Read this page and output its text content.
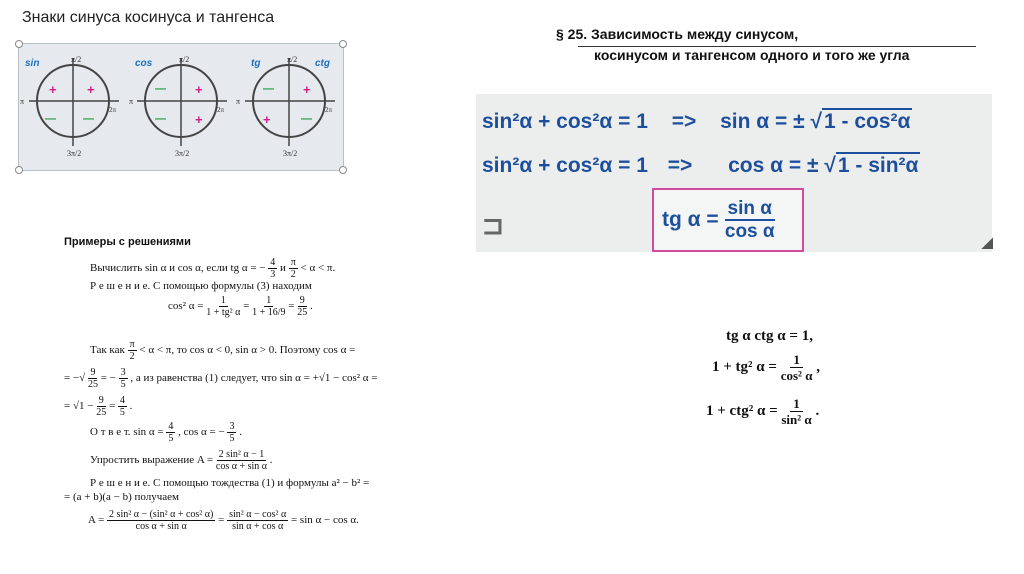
Знаки синуса косинуса и тангенса
sin	π/2
3π/2
π
2π
+
+
— —
cos	π/2
3π/2
π
2π
+
—
— +
tg	ctg
π/2
3π/2
π
2π
+
—
+	—
§ 25. Зависимость между синусом,
косинусом и тангенсом одного и того же угла
sin²α + cos²α = 1 => sin α = ± √1 - cos²α
sin²α + cos²α = 1 => cos α = ± √1 - sin²α
tg $\alpha = \frac{\text{sin α}}{\text{cos α}}$
⊐
◢
Примеры с решениями
Вычислить sin α и cos α, если tg α = − $\frac{4}{3}$ и $\frac{\pi}{2} < \alpha < \pi$.
Р е ш е н и е. С помощью формулы (3) находим
cos² $\alpha = \frac{1}{\text{1 + tg² α}} = \frac{1}{1 + 16/9} = \frac{9}{25}$ .
Так как $\frac{\pi}{2} < \alpha < \pi$, то cos α < 0, sin α > 0. Поэтому cos α =
= −√ $\frac{9}{25}$ = − $\frac{3}{5}$ , а из равенства (1) следует, что sin α = +√1 − cos² α =
= $√1 - \frac{9}{25} = \frac{4}{5}$ .
О т в е т. $\sin \alpha = \frac{4}{5}$ , cos α = − $\frac{3}{5}$ .
Упростить выражение $A = \frac{\text{2 sin² α − 1}}{\text{cos α + sin α}}$ .
Р е ш е н и е. С помощью тождества (1) и формулы a² − b² =
= (a + b)(a − b) получаем
$A = \frac{\text{2 sin² α − (sin² α + cos² α)}}{\text{cos α + sin α}} = \frac{\text{sin² α − cos² α}}{\text{sin α + cos α}} = \sin \alpha - \cos \alpha$.
tg α ctg α = 1,
1 + tg² $\alpha = \frac{1}{\text{cos² α}}$ ,
1 + ctg² $\alpha = \frac{1}{\text{sin² α}}$ .
